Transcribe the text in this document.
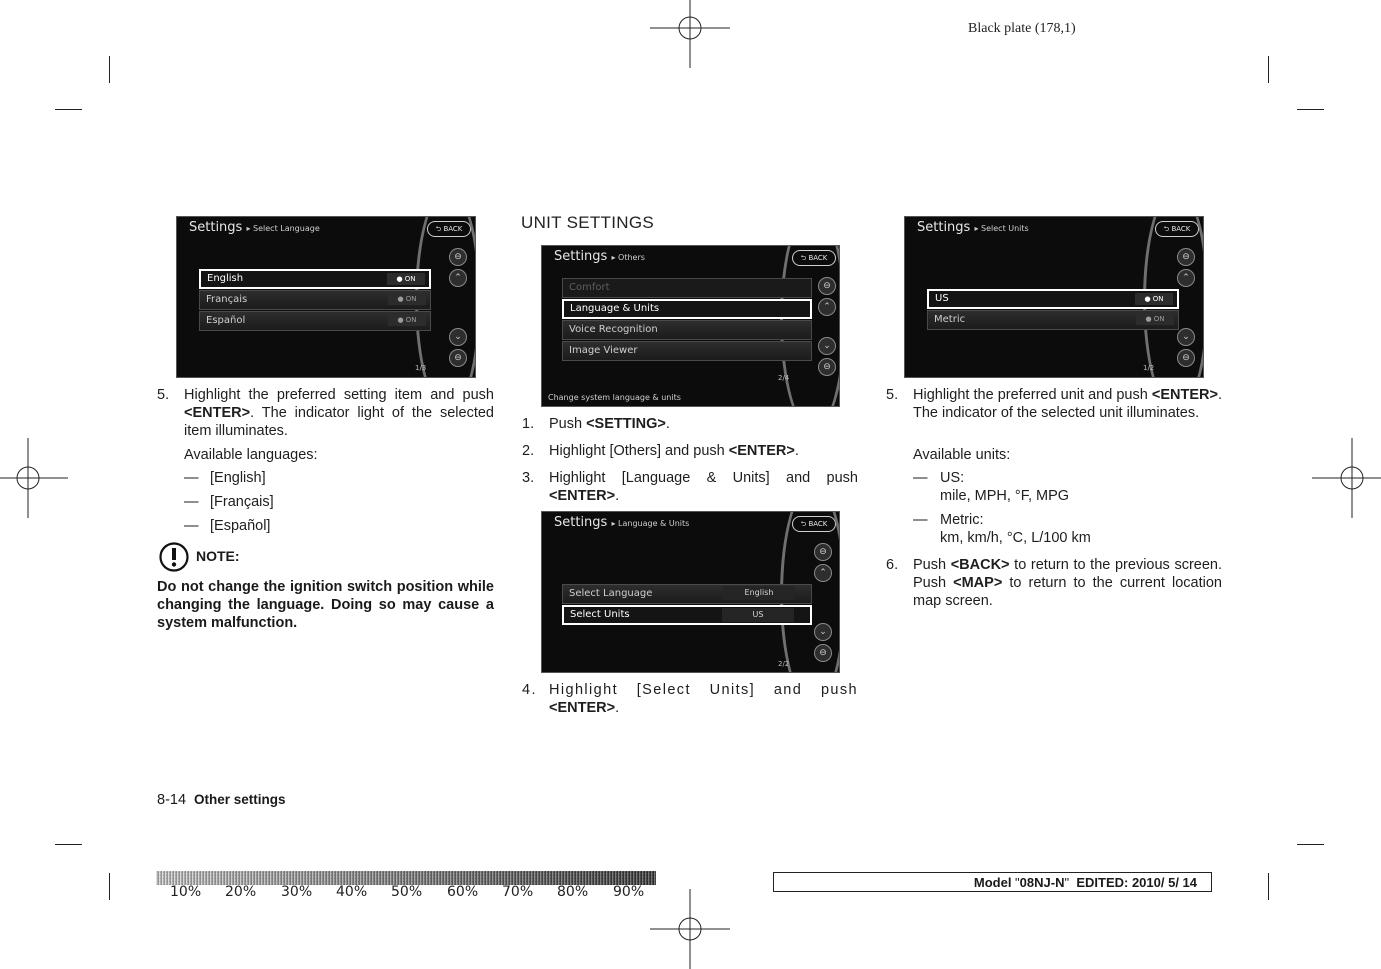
Black plate (178,1)
Settings ▸ Select Language	⮌ BACK
⊖
⌃
⌄
⊖
English	● ON
Français	● ON
Español	● ON
1/3
5. Highlight the preferred setting item and push <ENTER>. The indicator light of the selected item illuminates.
Available languages:
— [English]
— [Français]
— [Español]
NOTE:
Do not change the ignition switch position while changing the language. Doing so may cause a system malfunction.
UNIT SETTINGS
Settings ▸ Others	⮌ BACK
⊖
⌃
⌄
⊖
Comfort
Language & Units
Voice Recognition
Image Viewer
2/4
Change system language & units
1. Push <SETTING>.
2. Highlight [Others] and push <ENTER>.
3. Highlight [Language & Units] and push <ENTER>.
Settings ▸ Language & Units	⮌ BACK
⊖
⌃
⌄
⊖
Select Language	English
Select Units	US
2/2
4. Highlight [Select Units] and push <ENTER>.
Settings ▸ Select Units	⮌ BACK
⊖
⌃
⌄
⊖
US	● ON
Metric	● ON
1/2
5. Highlight the preferred unit and push <ENTER>. The indicator of the selected unit illuminates.
Available units:
— US:
mile, MPH, °F, MPG
— Metric:
km, km/h, °C, L/100 km
6. Push <BACK> to return to the previous screen. Push <MAP> to return to the current location map screen.
8-14 Other settings
10% 20% 30% 40% 50% 60% 70% 80% 90%
Model "08NJ-N" EDITED: 2010/ 5/ 14
